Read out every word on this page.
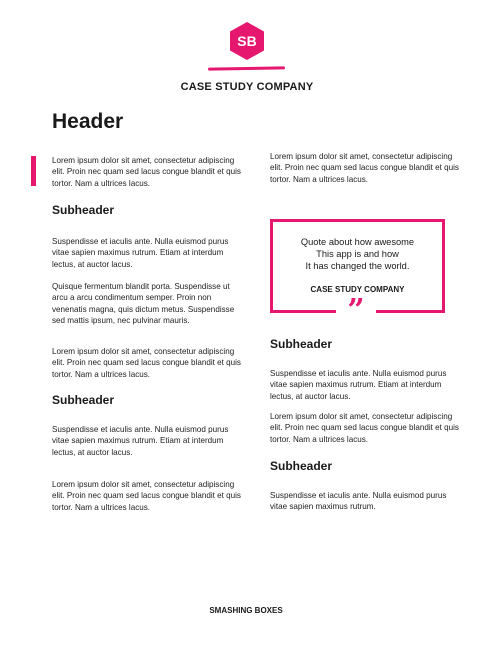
SB
CASE STUDY COMPANY
Header
Lorem ipsum dolor sit amet, consectetur adipiscing elit. Proin nec quam sed lacus congue blandit et quis tortor. Nam a ultrices lacus.
Subheader
Suspendisse et iaculis ante. Nulla euismod purus vitae sapien maximus rutrum. Etiam at interdum lectus, at auctor lacus.
Quisque fermentum blandit porta. Suspendisse ut arcu a arcu condimentum semper. Proin non venenatis magna, quis dictum metus. Suspendisse sed mattis ipsum, nec pulvinar mauris.
Lorem ipsum dolor sit amet, consectetur adipiscing elit. Proin nec quam sed lacus congue blandit et quis tortor. Nam a ultrices lacus.
Subheader
Suspendisse et iaculis ante. Nulla euismod purus vitae sapien maximus rutrum. Etiam at interdum lectus, at auctor lacus.
Lorem ipsum dolor sit amet, consectetur adipiscing elit. Proin nec quam sed lacus congue blandit et quis tortor. Nam a ultrices lacus.
Lorem ipsum dolor sit amet, consectetur adipiscing elit. Proin nec quam sed lacus congue blandit et quis tortor. Nam a ultrices lacus.
Quote about how awesome
This app is and how
It has changed the world.
CASE STUDY COMPANY
”
Subheader
Suspendisse et iaculis ante. Nulla euismod purus vitae sapien maximus rutrum. Etiam at interdum lectus, at auctor lacus.
Lorem ipsum dolor sit amet, consectetur adipiscing elit. Proin nec quam sed lacus congue blandit et quis tortor. Nam a ultrices lacus.
Subheader
Suspendisse et iaculis ante. Nulla euismod purus vitae sapien maximus rutrum.
SMASHING BOXES
